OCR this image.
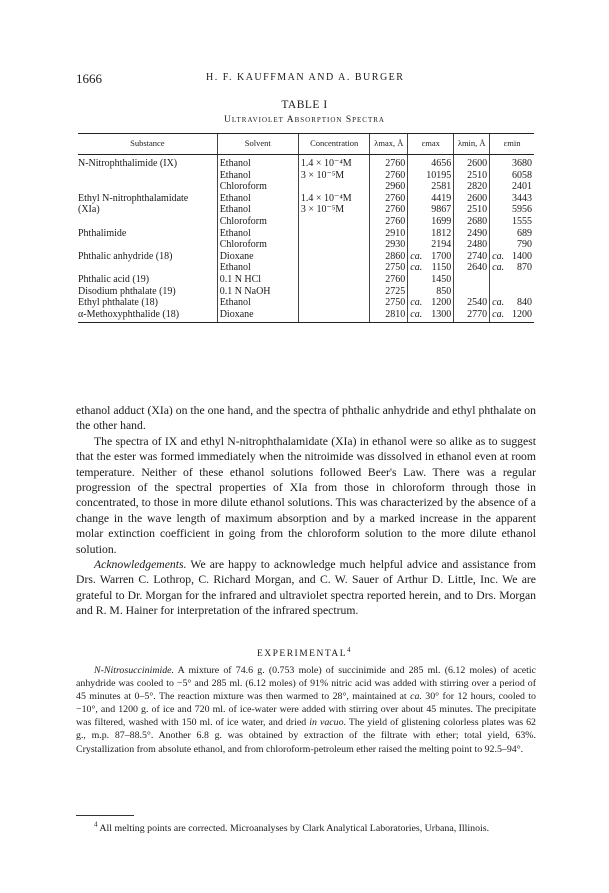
1666	H. F. KAUFFMAN AND A. BURGER
TABLE I
Ultraviolet Absorption Spectra
Substance	Solvent	Concentration	λmax, Å	εmax		λmin, Å	εmin	
N-Nitrophthalimide (IX)	Ethanol	1.4 × 10⁻⁴M	2760		4656	2600		3680
	Ethanol	3 × 10⁻⁵M	2760		10195	2510		6058
	Chloroform		2960		2581	2820		2401
Ethyl N-nitrophthalamidate	Ethanol	1.4 × 10⁻⁴M	2760		4419	2600		3443
(XIa)	Ethanol	3 × 10⁻⁵M	2760		9867	2510		5956
	Chloroform		2760		1699	2680		1555
Phthalimide	Ethanol		2910		1812	2490		689
	Chloroform		2930		2194	2480		790
Phthalic anhydride (18)	Dioxane		2860	ca.	1700	2740	ca.	1400
	Ethanol		2750	ca.	1150	2640	ca.	870
Phthalic acid (19)	0.1 N HCl		2760		1450			
Disodium phthalate (19)	0.1 N NaOH		2725		850			
Ethyl phthalate (18)	Ethanol		2750	ca.	1200	2540	ca.	840
α-Methoxyphthalide (18)	Dioxane		2810	ca.	1300	2770	ca.	1200

ethanol adduct (XIa) on the one hand, and the spectra of phthalic anhydride and ethyl phthalate on the other hand.

The spectra of IX and ethyl N-nitrophthalamidate (XIa) in ethanol were so alike as to suggest that the ester was formed immediately when the nitroimide was dissolved in ethanol even at room temperature. Neither of these ethanol solutions followed Beer's Law. There was a regular progression of the spectral properties of XIa from those in chloroform through those in concentrated, to those in more dilute ethanol solutions. This was characterized by the absence of a change in the wave length of maximum absorption and by a marked increase in the apparent molar extinction coefficient in going from the chloroform solution to the more dilute ethanol solution.

Acknowledgements. We are happy to acknowledge much helpful advice and assistance from Drs. Warren C. Lothrop, C. Richard Morgan, and C. W. Sauer of Arthur D. Little, Inc. We are grateful to Dr. Morgan for the infrared and ultraviolet spectra reported herein, and to Drs. Morgan and R. M. Hainer for interpretation of the infrared spectrum.

EXPERIMENTAL$^4$

N-Nitrosuccinimide. A mixture of 74.6 g. (0.753 mole) of succinimide and 285 ml. (6.12 moles) of acetic anhydride was cooled to −5° and 285 ml. (6.12 moles) of 91% nitric acid was added with stirring over a period of 45 minutes at 0–5°. The reaction mixture was then warmed to 28°, maintained at ca. 30° for 12 hours, cooled to −10°, and 1200 g. of ice and 720 ml. of ice-water were added with stirring over about 45 minutes. The precipitate was filtered, washed with 150 ml. of ice water, and dried in vacuo. The yield of glistening colorless plates was 62 g., m.p. 87–88.5°. Another 6.8 g. was obtained by extraction of the filtrate with ether; total yield, 63%. Crystallization from absolute ethanol, and from chloroform-petroleum ether raised the melting point to 92.5–94°.

$^4$ All melting points are corrected. Microanalyses by Clark Analytical Laboratories, Urbana, Illinois.
